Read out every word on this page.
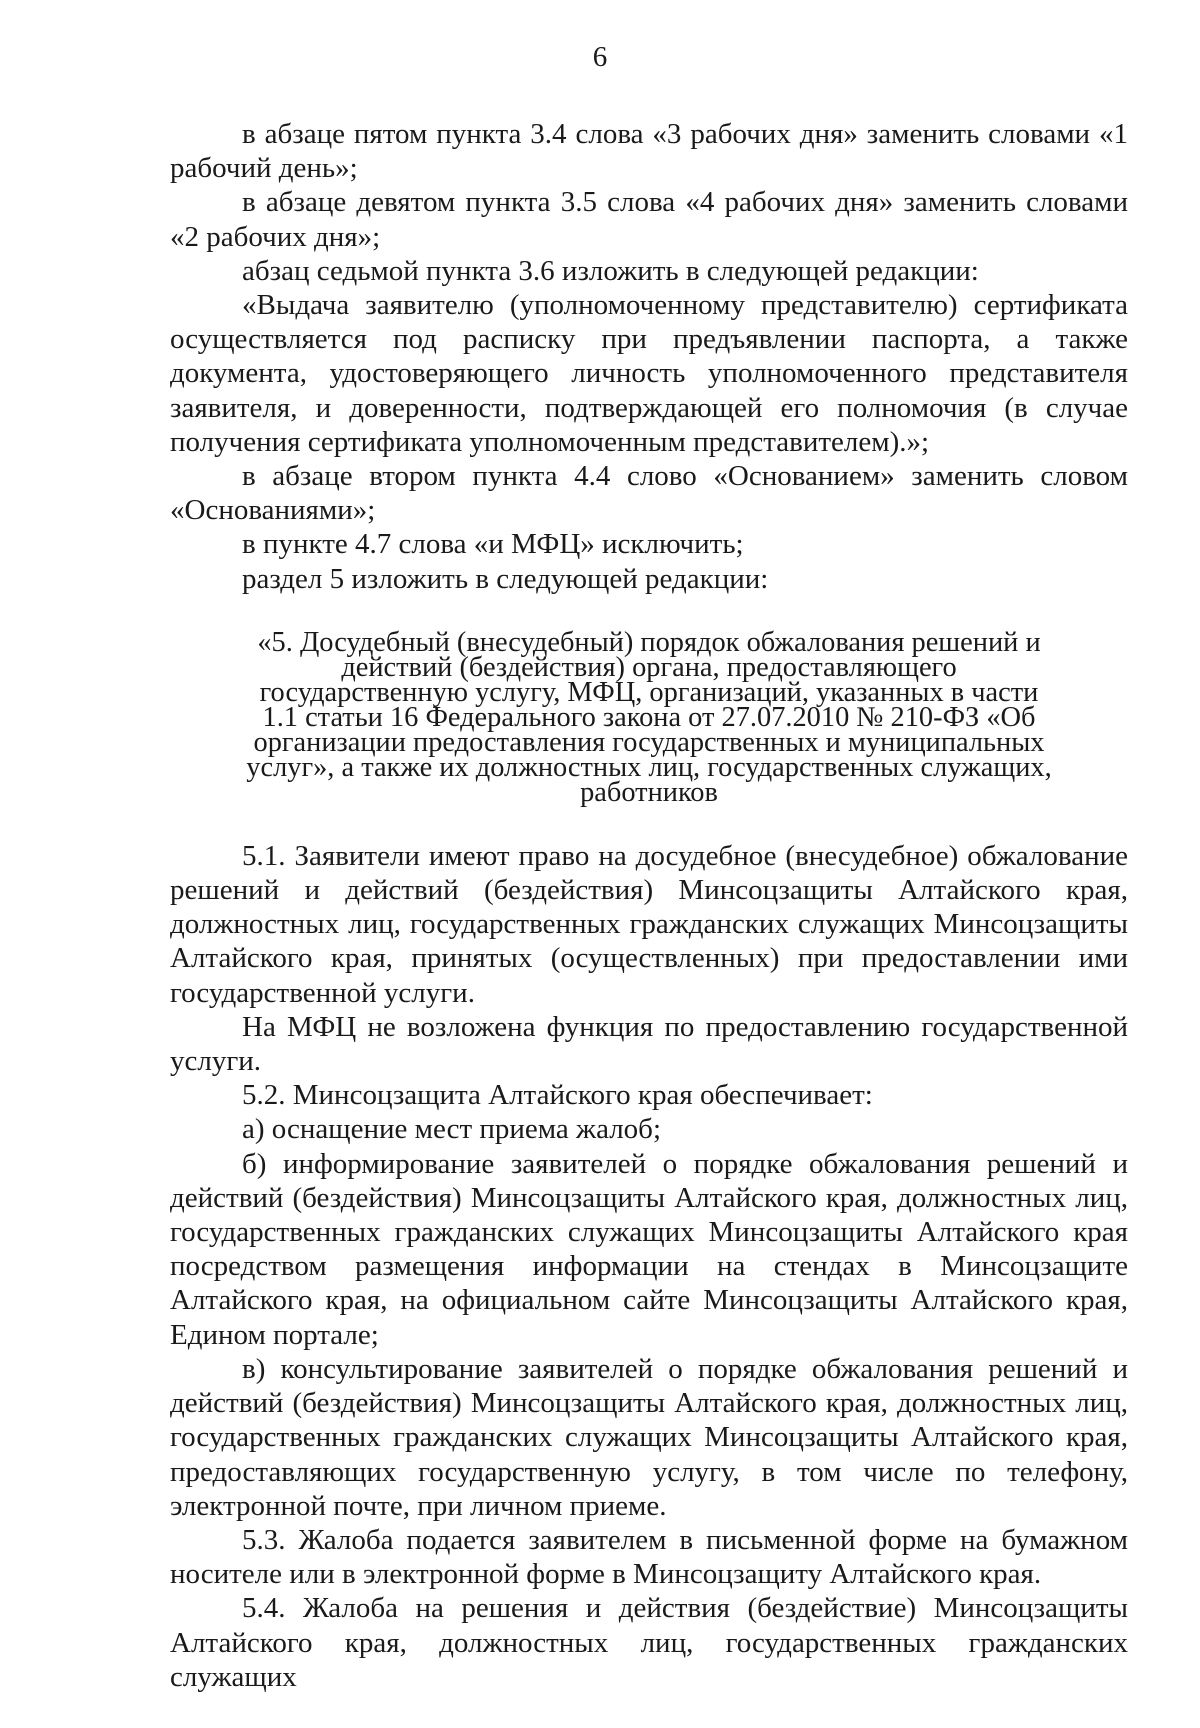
6

в абзаце пятом пункта 3.4 слова «3 рабочих дня» заменить словами «1 рабочий день»;

в абзаце девятом пункта 3.5 слова «4 рабочих дня» заменить словами «2 рабочих дня»;

абзац седьмой пункта 3.6 изложить в следующей редакции:

«Выдача заявителю (уполномоченному представителю) сертификата осуществляется под расписку при предъявлении паспорта, а также документа, удостоверяющего личность уполномоченного представителя заявителя, и доверенности, подтверждающей его полномочия (в случае получения сертификата уполномоченным представителем).»;

в абзаце втором пункта 4.4 слово «Основанием» заменить словом «Основаниями»;

в пункте 4.7 слова «и МФЦ» исключить;

раздел 5 изложить в следующей редакции:

«5. Досудебный (внесудебный) порядок обжалования решений и действий (бездействия) органа, предоставляющего государственную услугу, МФЦ, организаций, указанных в части 1.1 статьи 16 Федерального закона от 27.07.2010 № 210-ФЗ «Об организации предоставления государственных и муниципальных услуг», а также их должностных лиц, государственных служащих, работников

5.1. Заявители имеют право на досудебное (внесудебное) обжалование решений и действий (бездействия) Минсоцзащиты Алтайского края, должностных лиц, государственных гражданских служащих Минсоцзащиты Алтайского края, принятых (осуществленных) при предоставлении ими государственной услуги.

На МФЦ не возложена функция по предоставлению государственной услуги.

5.2. Минсоцзащита Алтайского края обеспечивает:

а) оснащение мест приема жалоб;

б) информирование заявителей о порядке обжалования решений и действий (бездействия) Минсоцзащиты Алтайского края, должностных лиц, государственных гражданских служащих Минсоцзащиты Алтайского края посредством размещения информации на стендах в Минсоцзащите Алтайского края, на официальном сайте Минсоцзащиты Алтайского края, Едином портале;

в) консультирование заявителей о порядке обжалования решений и действий (бездействия) Минсоцзащиты Алтайского края, должностных лиц, государственных гражданских служащих Минсоцзащиты Алтайского края, предоставляющих государственную услугу, в том числе по телефону, электронной почте, при личном приеме.

5.3. Жалоба подается заявителем в письменной форме на бумажном носителе или в электронной форме в Минсоцзащиту Алтайского края.

5.4. Жалоба на решения и действия (бездействие) Минсоцзащиты Алтайского края, должностных лиц, государственных гражданских служащих
